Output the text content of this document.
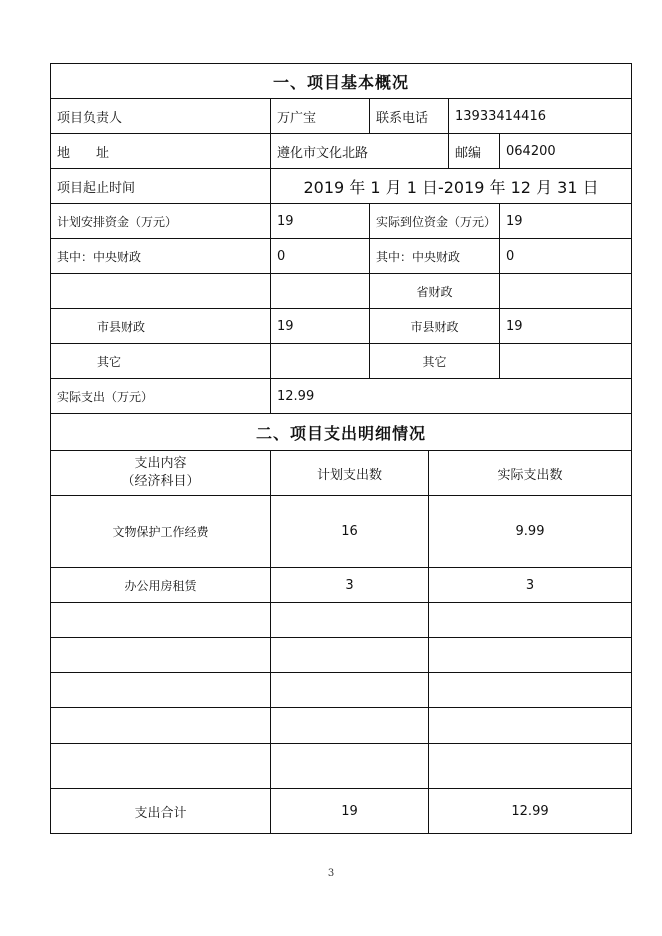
一、项目基本概况				
项目负责人	万广宝	联系电话	13933414416	
地　　址	遵化市文化北路		邮编	064200
项目起止时间	2019 年 1 月 1 日-2019 年 12 月 31 日			
计划安排资金（万元）	19	实际到位资金（万元）	19
其中：中央财政	0	其中：中央财政	0
		省财政	
市县财政	19	市县财政	19
其它		其它	
实际支出（万元）	12.99		
二、项目支出明细情况		

支出内容
（经济科目）	计划支出数	实际支出数
文物保护工作经费	16	9.99
办公用房租赁	3	3

支出合计	19	12.99
3
